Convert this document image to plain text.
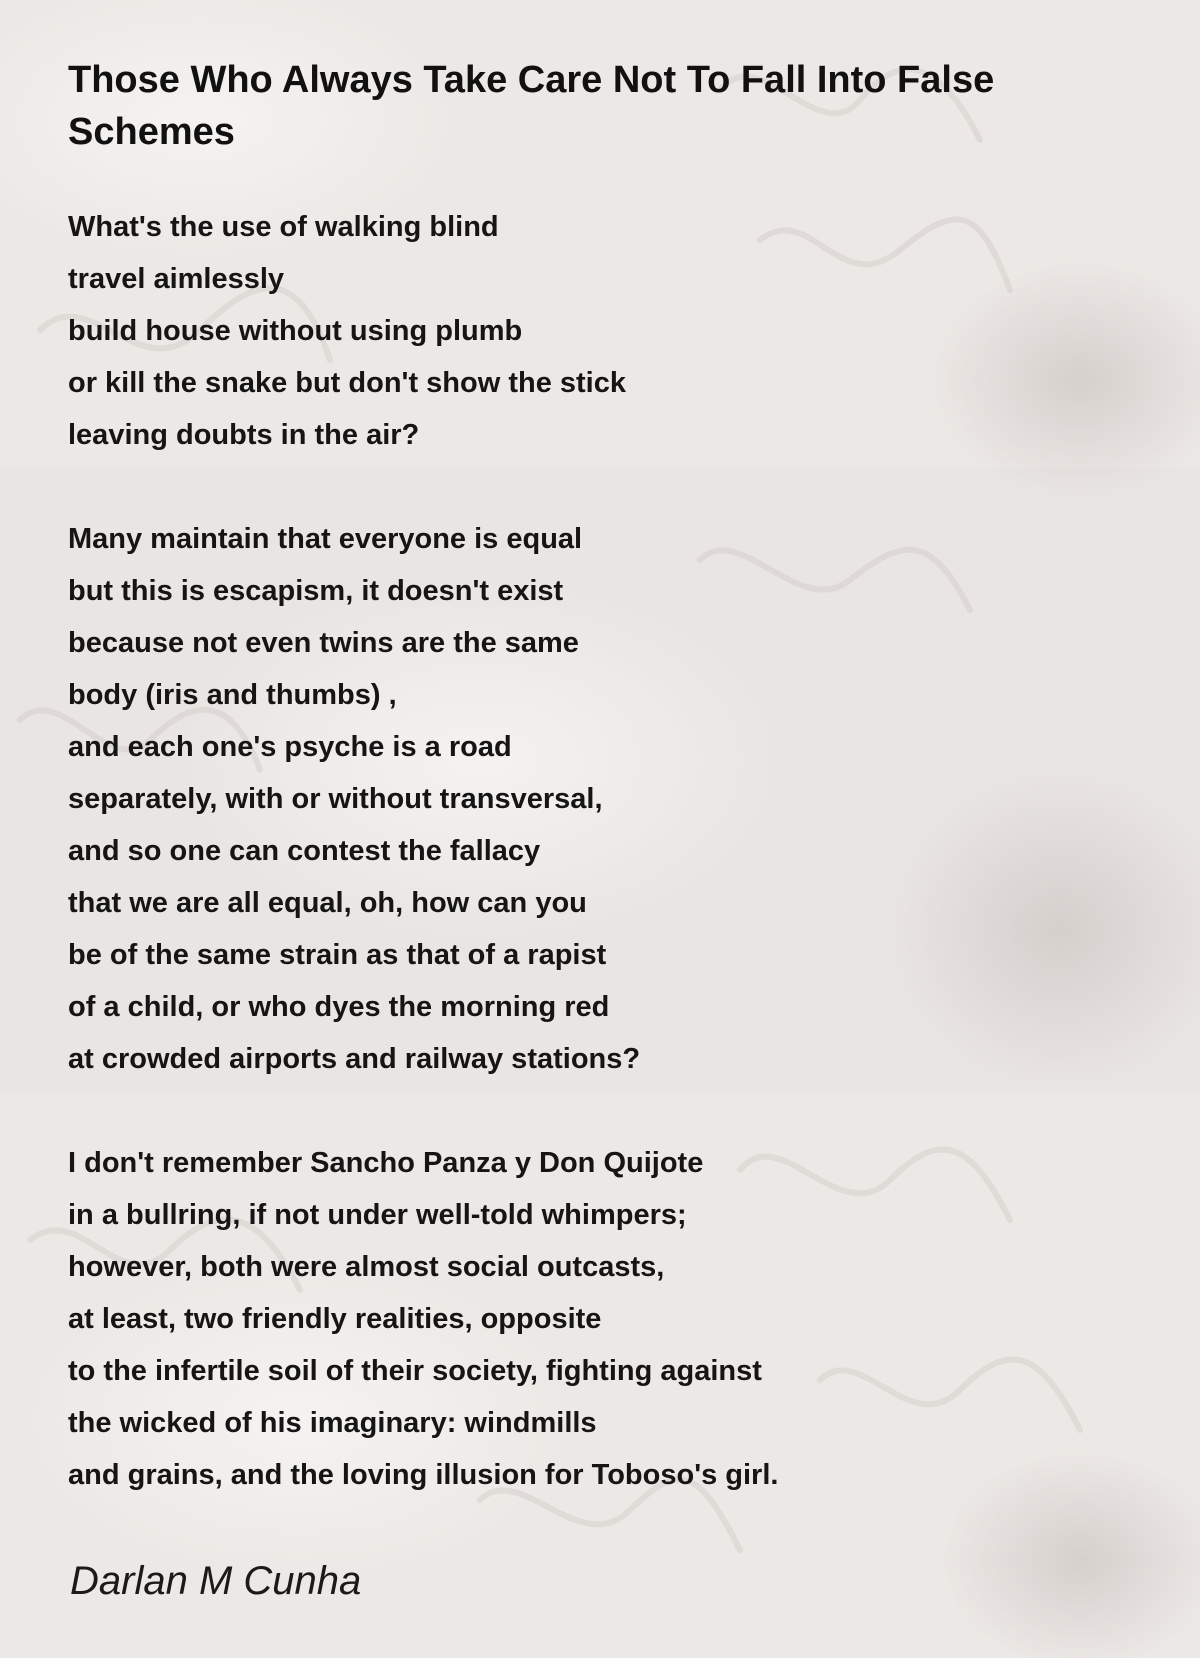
Those Who Always Take Care Not To Fall Into False Schemes
What's the use of walking blind
travel aimlessly
build house without using plumb
or kill the snake but don't show the stick
leaving doubts in the air?
Many maintain that everyone is equal
but this is escapism, it doesn't exist
because not even twins are the same
body (iris and thumbs) ,
and each one's psyche is a road
separately, with or without transversal,
and so one can contest the fallacy
that we are all equal, oh, how can you
be of the same strain as that of a rapist
of a child, or who dyes the morning red
at crowded airports and railway stations?
I don't remember Sancho Panza y Don Quijote
in a bullring, if not under well-told whimpers;
however, both were almost social outcasts,
at least, two friendly realities, opposite
to the infertile soil of their society, fighting against
the wicked of his imaginary: windmills
and grains, and the loving illusion for Toboso's girl.

Darlan M Cunha
